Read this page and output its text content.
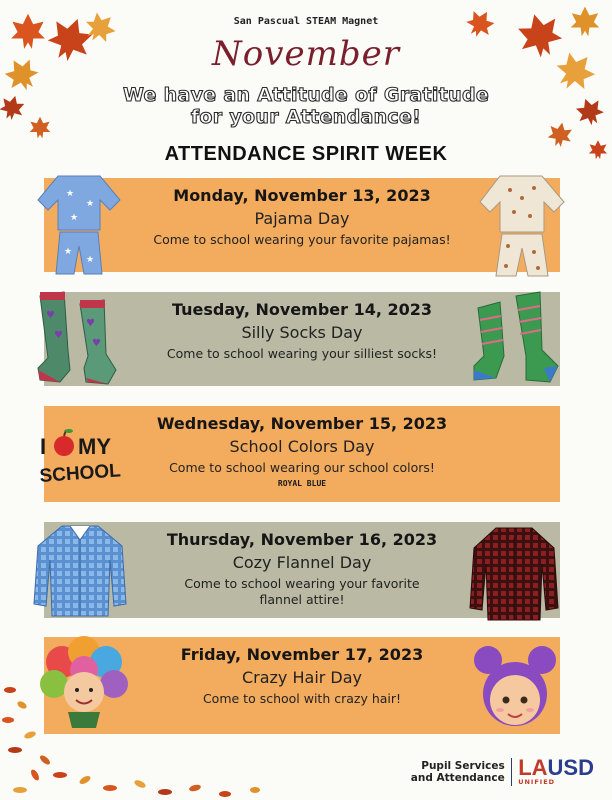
San Pascual STEAM Magnet
November
We have an Attitude of Gratitude
for your Attendance!
ATTENDANCE SPIRIT WEEK
Monday, November 13, 2023
Pajama Day
Come to school wearing your favorite pajamas!
★
★
★
★
★
Tuesday, November 14, 2023
Silly Socks Day
Come to school wearing your silliest socks!
♥
♥
♥
♥
Wednesday, November 15, 2023
School Colors Day
Come to school wearing our school colors!
ROYAL BLUE
I MY
SCHOOL
Thursday, November 16, 2023
Cozy Flannel Day
Come to school wearing your favorite
flannel attire!
Friday, November 17, 2023
Crazy Hair Day
Come to school with crazy hair!
Pupil Services
and Attendance LAUSD
UNIFIED
